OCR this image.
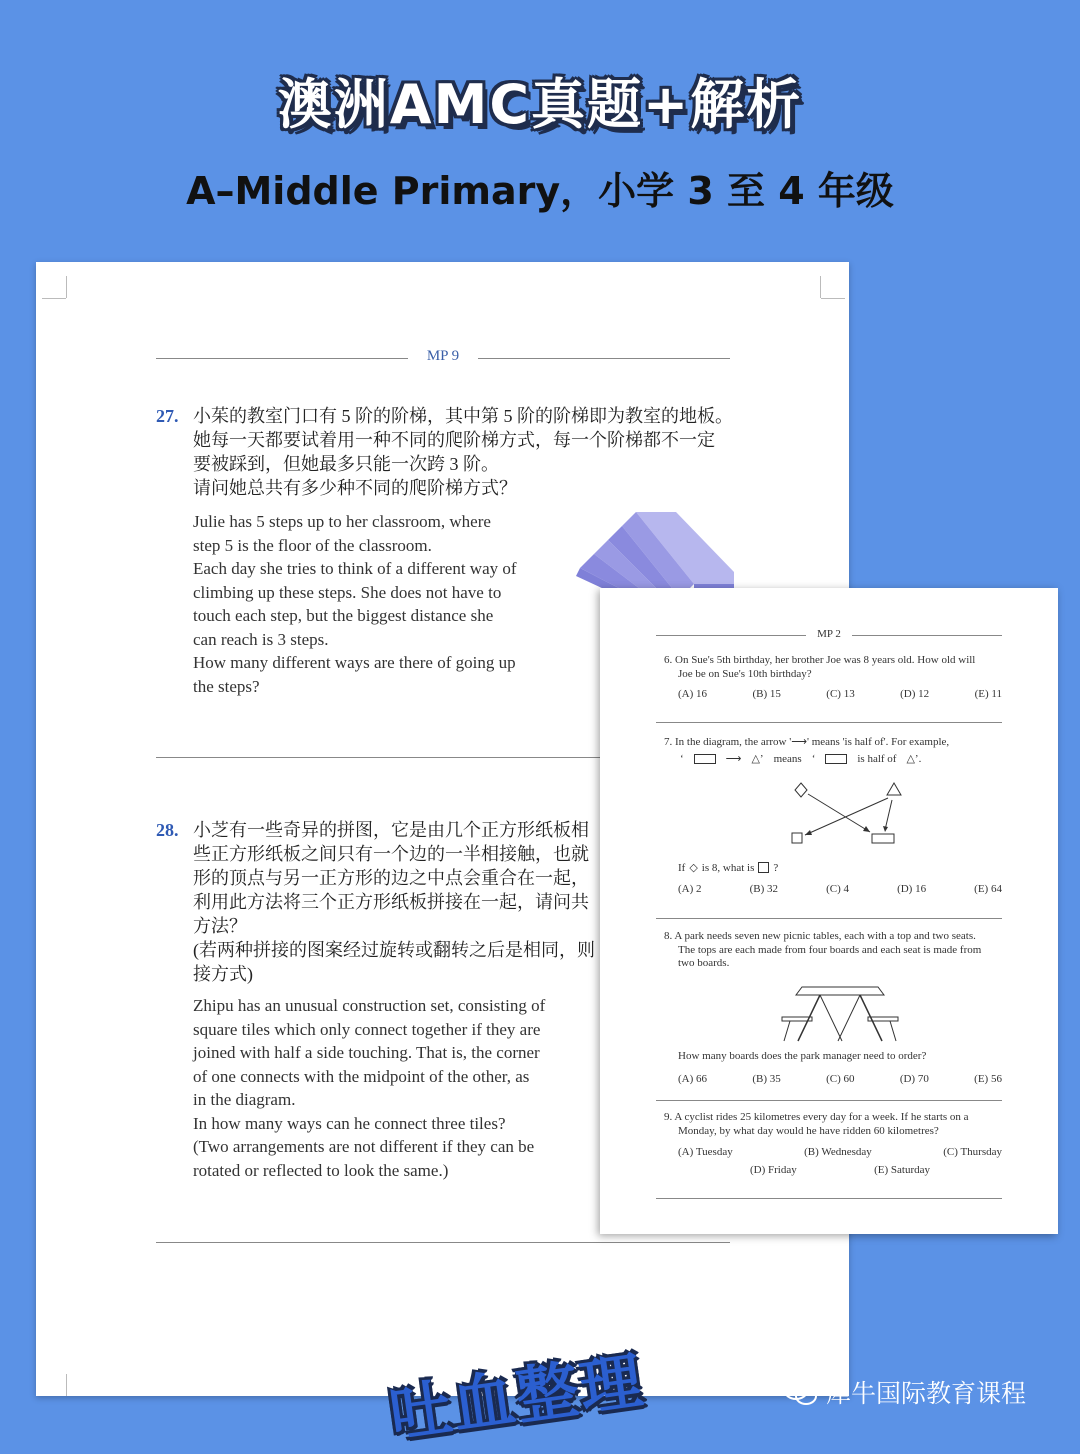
澳洲AMC真题+解析
A–Middle Primary，小学 3 至 4 年级
MP 9
27. 小茱的教室门口有 5 阶的阶梯，其中第 5 阶的阶梯即为教室的地板。
她每一天都要试着用一种不同的爬阶梯方式，每一个阶梯都不一定
要被踩到，但她最多只能一次跨 3 阶。
请问她总共有多少种不同的爬阶梯方式？

Julie has 5 steps up to her classroom, where

step 5 is the floor of the classroom.

Each day she tries to think of a different way of

climbing up these steps. She does not have to

touch each step, but the biggest distance she

can reach is 3 steps.

How many different ways are there of going up

the steps?

28. 小芝有一些奇异的拼图，它是由几个正方形纸板相
些正方形纸板之间只有一个边的一半相接触，也就
形的顶点与另一正方形的边之中点会重合在一起，
利用此方法将三个正方形纸板拼接在一起，请问共
方法？
(若两种拼接的图案经过旋转或翻转之后是相同，则
接方式)

Zhipu has an unusual construction set, consisting of

square tiles which only connect together if they are

joined with half a side touching. That is, the corner

of one connects with the midpoint of the other, as

in the diagram.

In how many ways can he connect three tiles?

(Two arrangements are not different if they can be

rotated or reflected to look the same.)

MP 2
6. On Sue's 5th birthday, her brother Joe was 8 years old. How old will
Joe be on Sue's 10th birthday?
(A) 16	(B) 15	(C) 13	(D) 12	(E) 11
7. In the diagram, the arrow '⟶' means 'is half of'. For example,
‘	⟶ △’ means ‘	is half of △’.
If ◇ is 8, what is ?
(A) 2	(B) 32	(C) 4	(D) 16	(E) 64
8. A park needs seven new picnic tables, each with a top and two seats.
The tops are each made from four boards and each seat is made from
two boards.
How many boards does the park manager need to order?
(A) 66	(B) 35	(C) 60	(D) 70	(E) 56
9. A cyclist rides 25 kilometres every day for a week. If he starts on a
Monday, by what day would he have ridden 60 kilometres?
(A) Tuesday	(B) Wednesday	(C) Thursday
(D) Friday	(E) Saturday
吐血整理	犀牛国际教育课程
